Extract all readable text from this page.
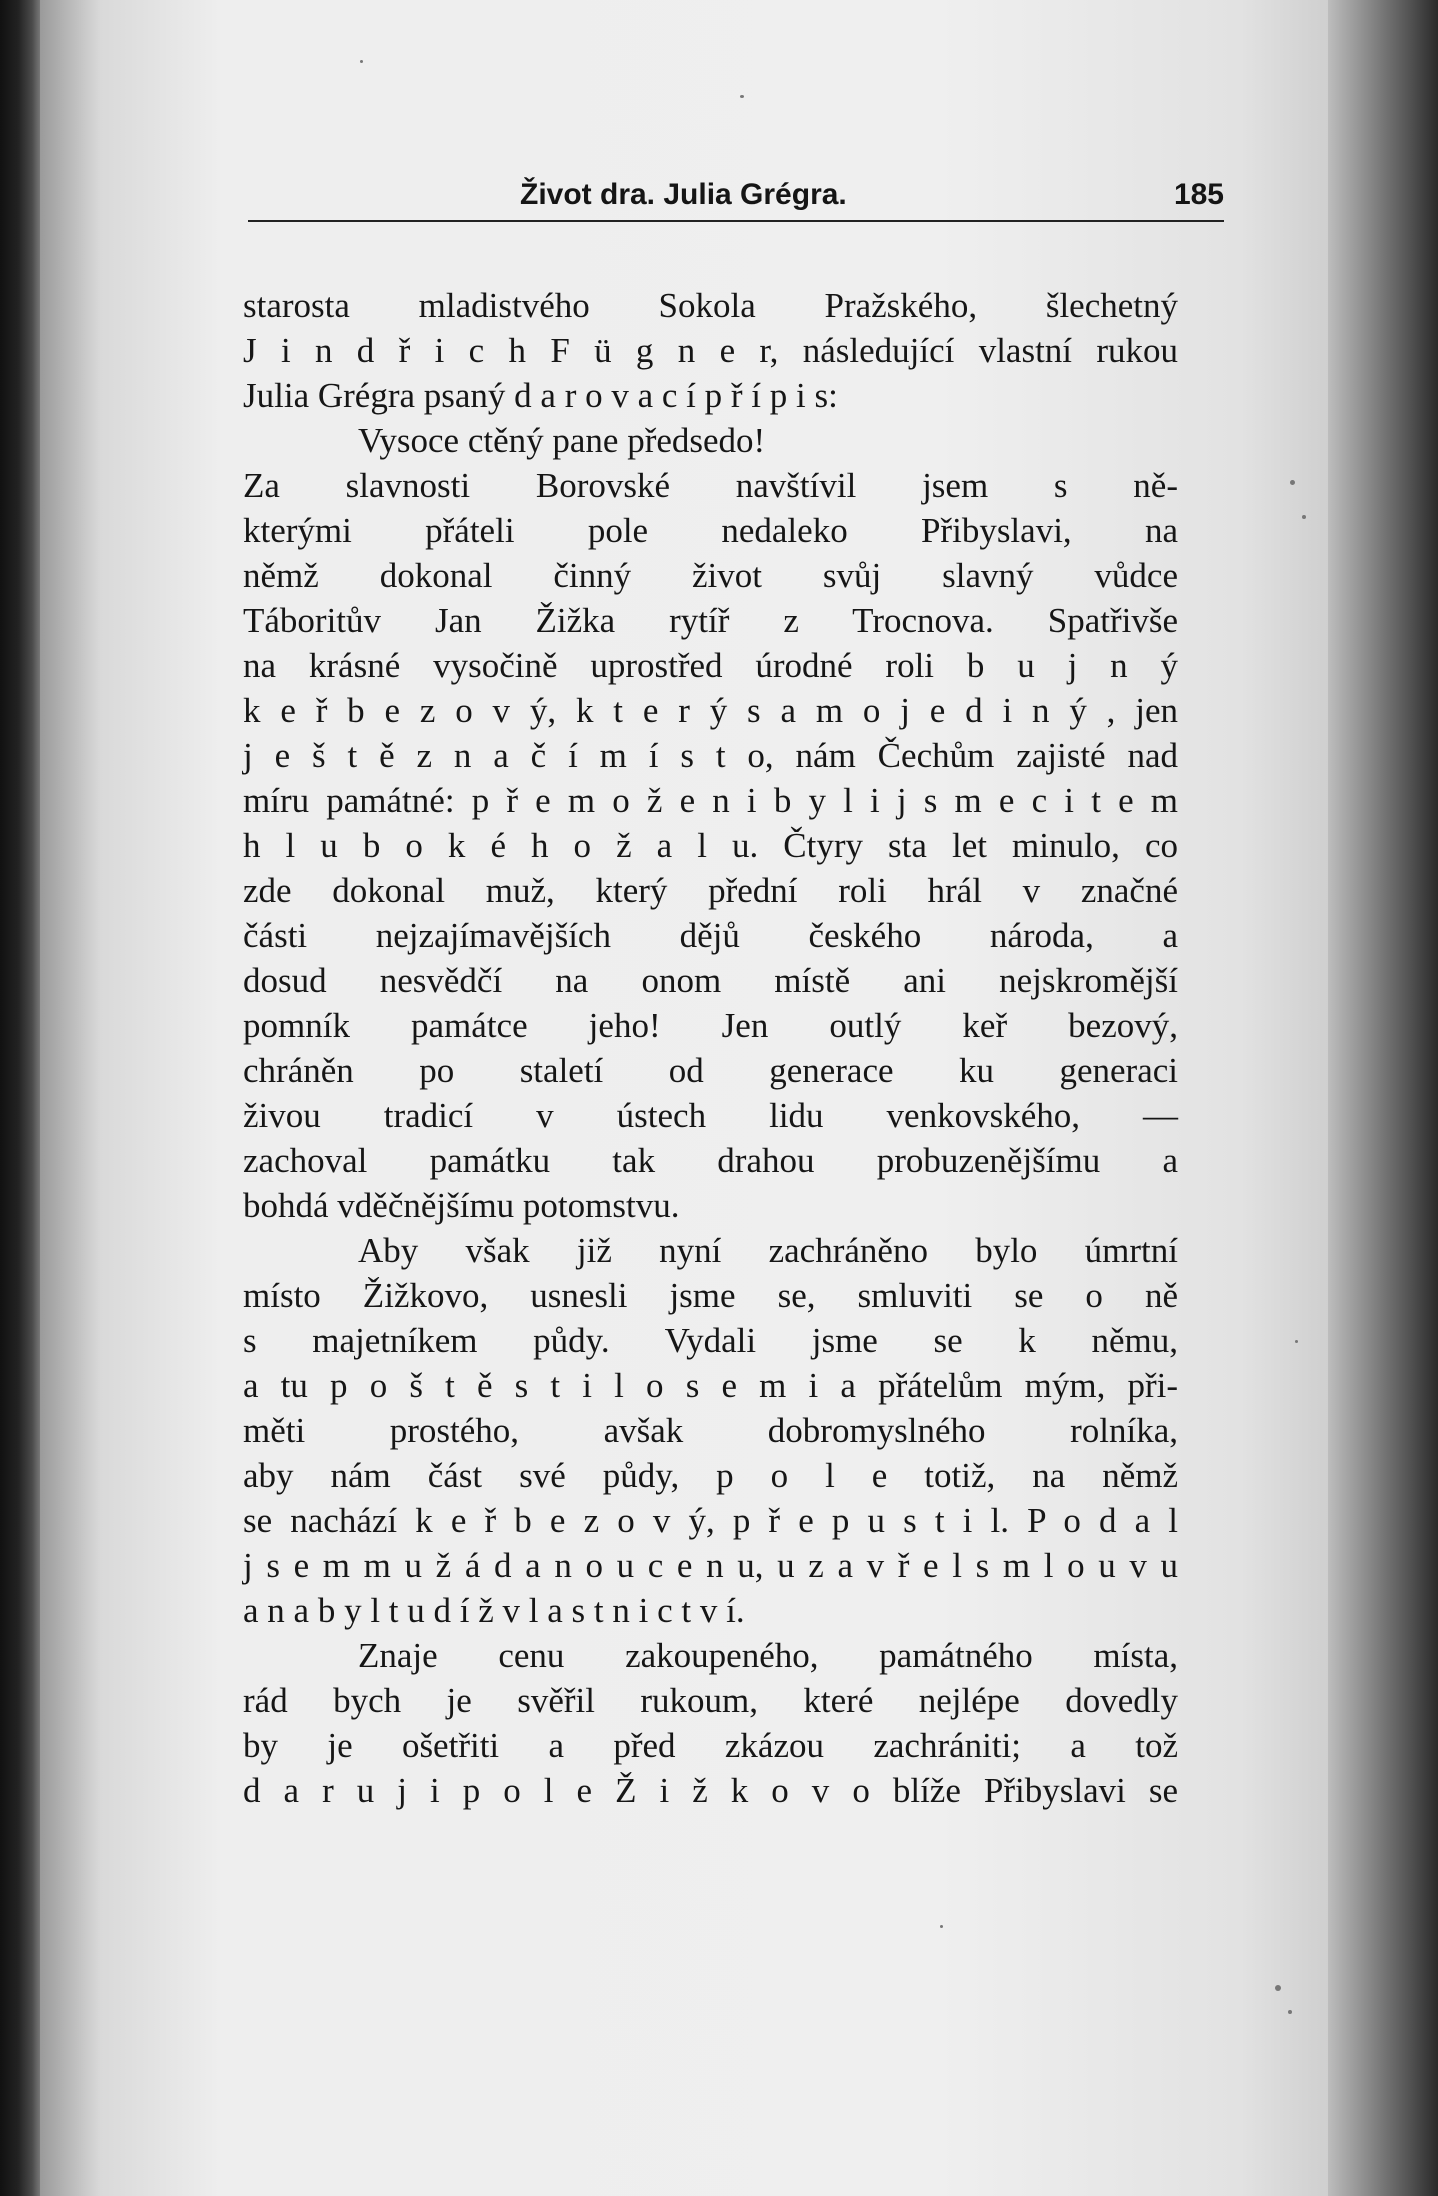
Život dra. Julia Grégra.	185
starosta mladistvého Sokola Pražského, šlechetný
J i n d ř i c h F ü g n e r, následující vlastní rukou
Julia Grégra psaný d a r o v a c í p ř í p i s:
Vysoce ctěný pane předsedo!
Za slavnosti Borovské navštívil jsem s ně-
kterými přáteli pole nedaleko Přibyslavi, na
němž dokonal činný život svůj slavný vůdce
Táboritův Jan Žižka rytíř z Trocnova. Spatřivše
na krásné vysočině uprostřed úrodné roli b u j n ý
k e ř b e z o v ý, k t e r ý s a m o j e d i n ý , jen
j e š t ě z n a č í m í s t o, nám Čechům zajisté nad
míru památné: p ř e m o ž e n i b y l i j s m e c i t e m
h l u b o k é h o ž a l u. Čtyry sta let minulo, co
zde dokonal muž, který přední roli hrál v značné
části nejzajímavějších dějů českého národa, a
dosud nesvědčí na onom místě ani nejskromější
pomník památce jeho! Jen outlý keř bezový,
chráněn po staletí od generace ku generaci
živou tradicí v ústech lidu venkovského, —
zachoval památku tak drahou probuzenějšímu a
bohdá vděčnějšímu potomstvu.
Aby však již nyní zachráněno bylo úmrtní
místo Žižkovo, usnesli jsme se, smluviti se o ně
s majetníkem půdy. Vydali jsme se k němu,
a tu p o š t ě s t i l o s e m i a přátelům mým, při-
měti prostého, avšak dobromyslného rolníka,
aby nám část své půdy, p o l e totiž, na němž
se nachází k e ř b e z o v ý, p ř e p u s t i l. P o d a l
j s e m m u ž á d a n o u c e n u, u z a v ř e l s m l o u v u
a n a b y l t u d í ž v l a s t n i c t v í.
Znaje cenu zakoupeného, památného místa,
rád bych je svěřil rukoum, které nejlépe dovedly
by je ošetřiti a před zkázou zachrániti; a tož
d a r u j i p o l e Ž i ž k o v o blíže Přibyslavi se
